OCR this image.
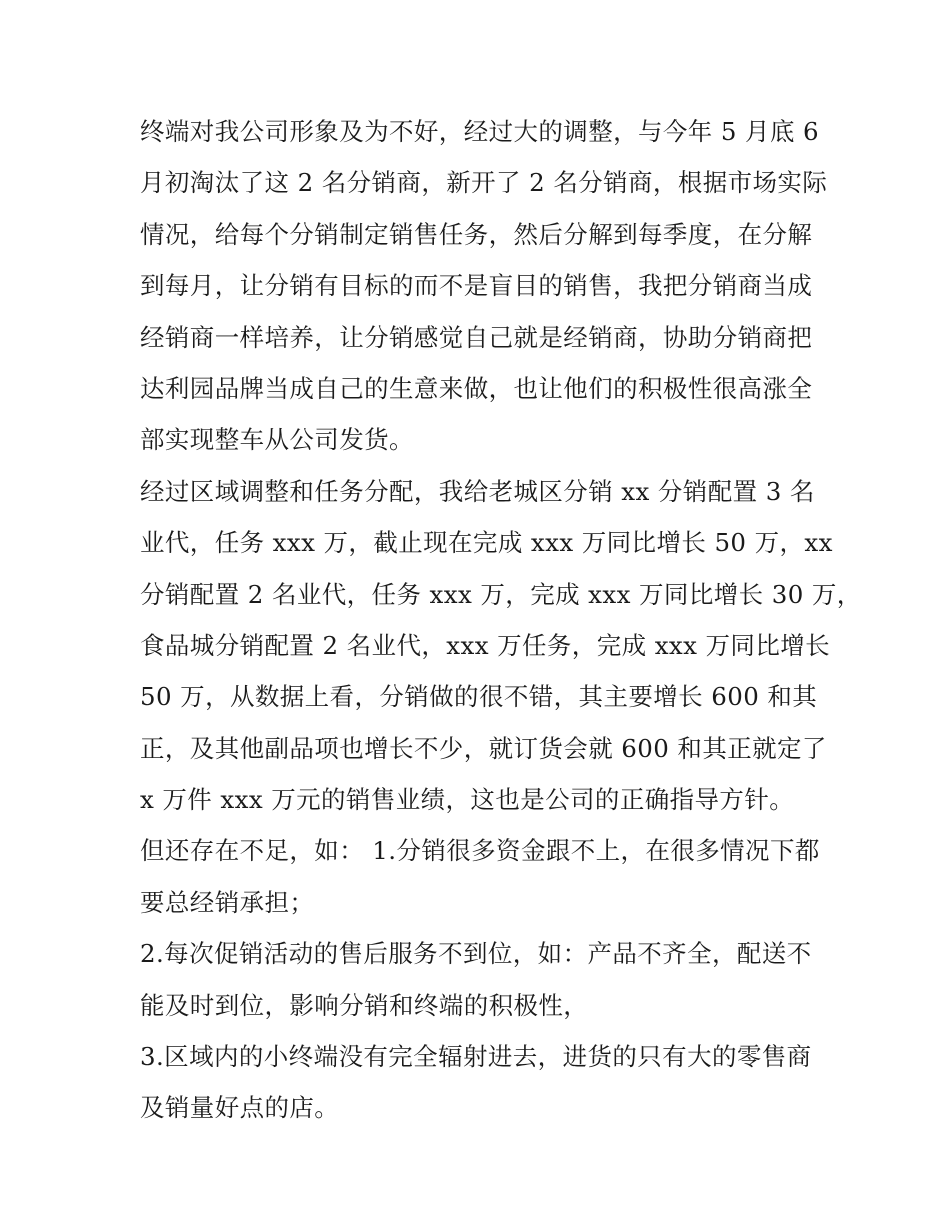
终端对我公司形象及为不好，经过大的调整，与今年 5 月底 6
月初淘汰了这 2 名分销商，新开了 2 名分销商，根据市场实际
情况，给每个分销制定销售任务，然后分解到每季度，在分解
到每月，让分销有目标的而不是盲目的销售，我把分销商当成
经销商一样培养，让分销感觉自己就是经销商，协助分销商把
达利园品牌当成自己的生意来做，也让他们的积极性很高涨全
部实现整车从公司发货。
经过区域调整和任务分配，我给老城区分销 xx 分销配置 3 名
业代，任务 xxx 万，截止现在完成 xxx 万同比增长 50 万，xx
分销配置 2 名业代，任务 xxx 万，完成 xxx 万同比增长 30 万，
食品城分销配置 2 名业代，xxx 万任务，完成 xxx 万同比增长
50 万，从数据上看，分销做的很不错，其主要增长 600 和其
正，及其他副品项也增长不少，就订货会就 600 和其正就定了
x 万件 xxx 万元的销售业绩，这也是公司的正确指导方针。
但还存在不足，如： 1.分销很多资金跟不上，在很多情况下都
要总经销承担；
2.每次促销活动的售后服务不到位，如：产品不齐全，配送不
能及时到位，影响分销和终端的积极性，
3.区域内的小终端没有完全辐射进去，进货的只有大的零售商
及销量好点的店。
